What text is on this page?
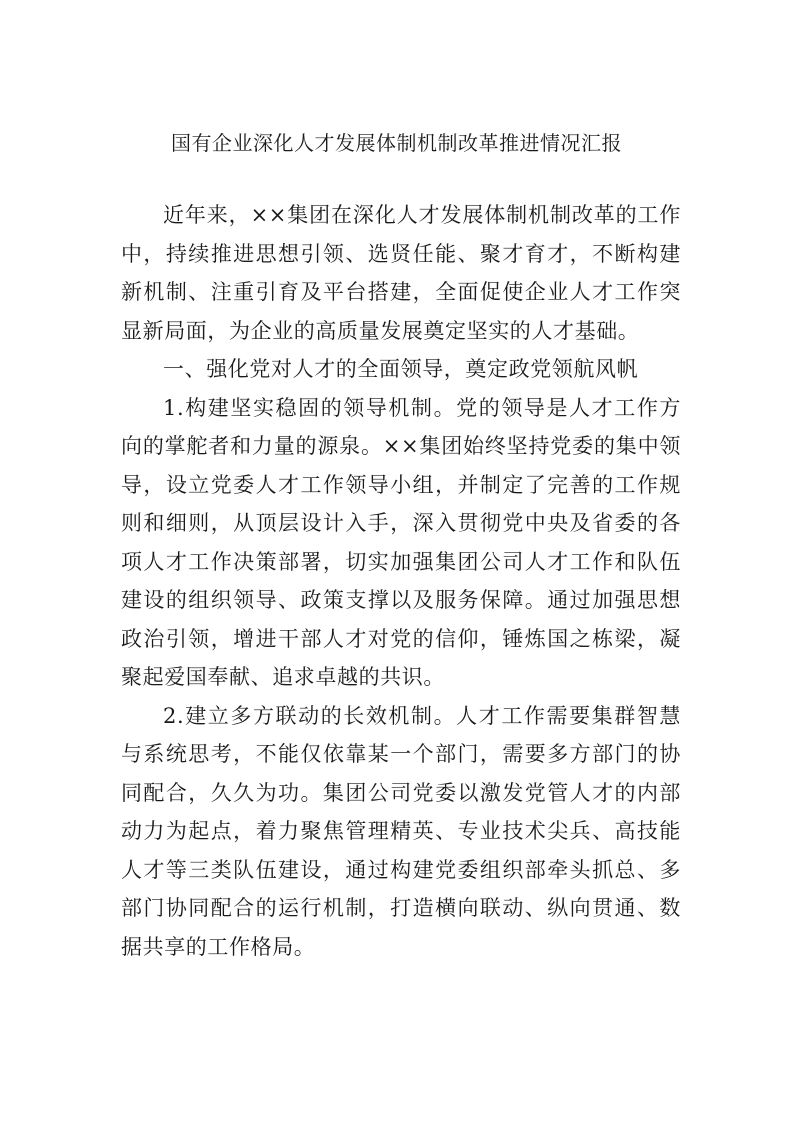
国有企业深化人才发展体制机制改革推进情况汇报

近年来，××集团在深化人才发展体制机制改革的工作中，持续推进思想引领、选贤任能、聚才育才，不断构建新机制、注重引育及平台搭建，全面促使企业人才工作突显新局面，为企业的高质量发展奠定坚实的人才基础。

一、强化党对人才的全面领导，奠定政党领航风帆

1.构建坚实稳固的领导机制。党的领导是人才工作方向的掌舵者和力量的源泉。××集团始终坚持党委的集中领导，设立党委人才工作领导小组，并制定了完善的工作规则和细则，从顶层设计入手，深入贯彻党中央及省委的各项人才工作决策部署，切实加强集团公司人才工作和队伍建设的组织领导、政策支撑以及服务保障。通过加强思想政治引领，增进干部人才对党的信仰，锤炼国之栋梁，凝聚起爱国奉献、追求卓越的共识。

2.建立多方联动的长效机制。人才工作需要集群智慧与系统思考，不能仅依靠某一个部门，需要多方部门的协同配合，久久为功。集团公司党委以激发党管人才的内部动力为起点，着力聚焦管理精英、专业技术尖兵、高技能人才等三类队伍建设，通过构建党委组织部牵头抓总、多部门协同配合的运行机制，打造横向联动、纵向贯通、数据共享的工作格局。
